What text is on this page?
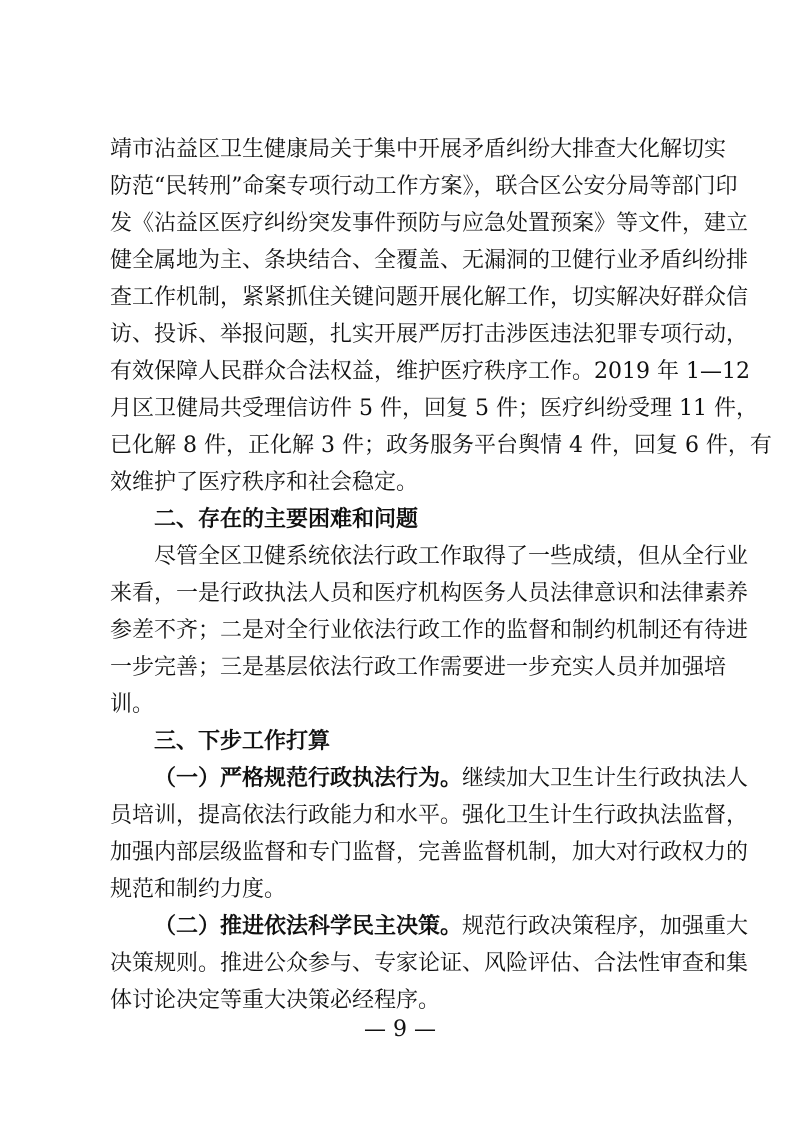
靖市沾益区卫生健康局关于集中开展矛盾纠纷大排查大化解切实
防范“民转刑”命案专项行动工作方案》，联合区公安分局等部门印
发《沾益区医疗纠纷突发事件预防与应急处置预案》等文件，建立
健全属地为主、条块结合、全覆盖、无漏洞的卫健行业矛盾纠纷排
查工作机制，紧紧抓住关键问题开展化解工作，切实解决好群众信
访、投诉、举报问题，扎实开展严厉打击涉医违法犯罪专项行动，
有效保障人民群众合法权益，维护医疗秩序工作。2019 年 1—12
月区卫健局共受理信访件 5 件，回复 5 件；医疗纠纷受理 11 件，
已化解 8 件，正化解 3 件；政务服务平台舆情 4 件，回复 6 件，有
效维护了医疗秩序和社会稳定。
二、存在的主要困难和问题
尽管全区卫健系统依法行政工作取得了一些成绩，但从全行业
来看，一是行政执法人员和医疗机构医务人员法律意识和法律素养
参差不齐；二是对全行业依法行政工作的监督和制约机制还有待进
一步完善；三是基层依法行政工作需要进一步充实人员并加强培
训。
三、下步工作打算
（一）严格规范行政执法行为。继续加大卫生计生行政执法人
员培训，提高依法行政能力和水平。强化卫生计生行政执法监督，
加强内部层级监督和专门监督，完善监督机制，加大对行政权力的
规范和制约力度。
（二）推进依法科学民主决策。规范行政决策程序，加强重大
决策规则。推进公众参与、专家论证、风险评估、合法性审查和集
体讨论决定等重大决策必经程序。
— 9 —
